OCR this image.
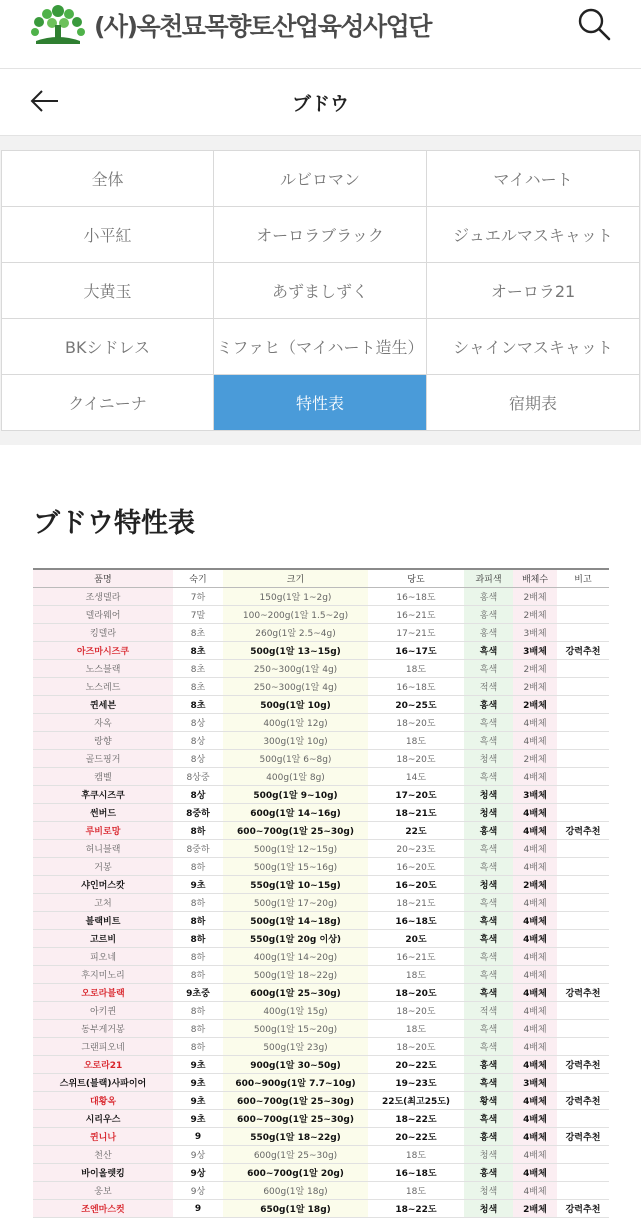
(사)옥천묘목향토산업육성사업단
ブドウ
全体	ルビロマン	マイハート
小平紅	オーロラブラック	ジュエルマスキャット
大黄玉	あずましずく	オーロラ21
BKシドレス	ミファヒ（マイハート造生）	シャインマスキャット
クイニーナ	特性表	宿期表
ブドウ特性表
품명	숙기	크기	당도	과피색	배체수	비고
조생델라	7하	150g(1알 1~2g)	16~18도	홍색	2배체	
델라웨어	7말	100~200g(1알 1.5~2g)	16~21도	홍색	2배체	
킹델라	8초	260g(1알 2.5~4g)	17~21도	홍색	3배체	
아즈마시즈쿠	8초	500g(1알 13~15g)	16~17도	흑색	3배체	강력추천
노스블랙	8초	250~300g(1알 4g)	18도	흑색	2배체	
노스레드	8초	250~300g(1알 4g)	16~18도	적색	2배체	
퀸세븐	8초	500g(1알 10g)	20~25도	홍색	2배체	
자옥	8상	400g(1알 12g)	18~20도	흑색	4배체	
랑향	8상	300g(1알 10g)	18도	흑색	4배체	
골드핑거	8상	500g(1알 6~8g)	18~20도	청색	2배체	
캠벨	8상중	400g(1알 8g)	14도	흑색	4배체	
후쿠시즈쿠	8상	500g(1알 9~10g)	17~20도	청색	3배체	
썬버드	8중하	600g(1알 14~16g)	18~21도	청색	4배체	
루비로망	8하	600~700g(1알 25~30g)	22도	홍색	4배체	강력추천
허니블랙	8중하	500g(1알 12~15g)	20~23도	흑색	4배체	
거봉	8하	500g(1알 15~16g)	16~20도	흑색	4배체	
샤인머스캇	9초	550g(1알 10~15g)	16~20도	청색	2배체	
고처	8하	500g(1알 17~20g)	18~21도	흑색	4배체	
블랙비트	8하	500g(1알 14~18g)	16~18도	흑색	4배체	
고르비	8하	550g(1알 20g 이상)	20도	흑색	4배체	
피오네	8하	400g(1알 14~20g)	16~21도	흑색	4배체	
후지미노리	8하	500g(1알 18~22g)	18도	흑색	4배체	
오로라블랙	9초중	600g(1알 25~30g)	18~20도	흑색	4배체	강력추천
아키퀸	8하	400g(1알 15g)	18~20도	적색	4배체	
동부게거봉	8하	500g(1알 15~20g)	18도	흑색	4배체	
그랜피오네	8하	500g(1알 23g)	18~20도	흑색	4배체	
오로라21	9초	900g(1알 30~50g)	20~22도	홍색	4배체	강력추천
스위트(블랙)사파이어	9초	600~900g(1알 7.7~10g)	19~23도	흑색	3배체	
대황옥	9초	600~700g(1알 25~30g)	22도(최고25도)	황색	4배체	강력추천
시리우스	9초	600~700g(1알 25~30g)	18~22도	흑색	4배체	
퀸니나	9	550g(1알 18~22g)	20~22도	홍색	4배체	강력추천
천산	9상	600g(1알 25~30g)	18도	청색	4배체	
바이올렛킹	9상	600~700g(1알 20g)	16~18도	홍색	4배체	
웅보	9상	600g(1알 18g)	18도	청색	4배체	
조엔마스컷	9	650g(1알 18g)	18~22도	청색	2배체	강력추천
